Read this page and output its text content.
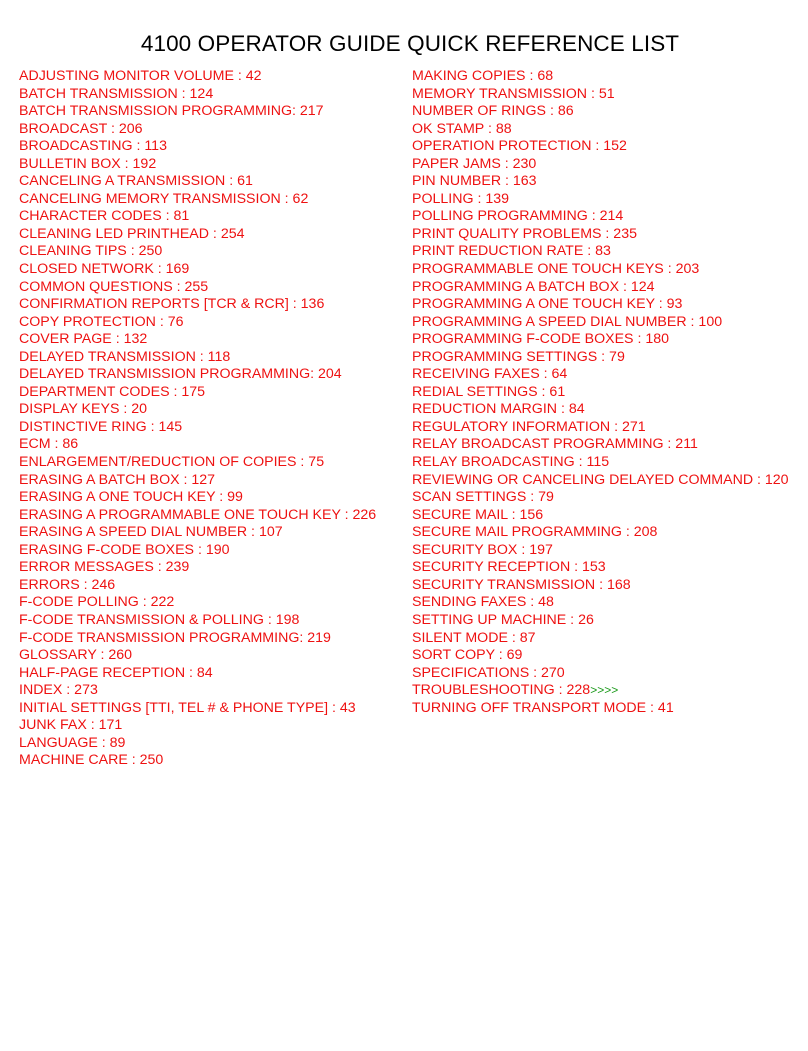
4100 OPERATOR GUIDE QUICK REFERENCE LIST
ADJUSTING MONITOR VOLUME : 42
BATCH TRANSMISSION : 124
BATCH TRANSMISSION PROGRAMMING: 217
BROADCAST : 206
BROADCASTING : 113
BULLETIN BOX : 192
CANCELING A TRANSMISSION : 61
CANCELING MEMORY TRANSMISSION : 62
CHARACTER CODES : 81
CLEANING LED PRINTHEAD : 254
CLEANING TIPS : 250
CLOSED NETWORK : 169
COMMON QUESTIONS : 255
CONFIRMATION REPORTS [TCR & RCR] : 136
COPY PROTECTION : 76
COVER PAGE : 132
DELAYED TRANSMISSION : 118
DELAYED TRANSMISSION PROGRAMMING: 204
DEPARTMENT CODES : 175
DISPLAY KEYS : 20
DISTINCTIVE RING : 145
ECM : 86
ENLARGEMENT/REDUCTION OF COPIES : 75
ERASING A BATCH BOX : 127
ERASING A ONE TOUCH KEY : 99
ERASING A PROGRAMMABLE ONE TOUCH KEY : 226
ERASING A SPEED DIAL NUMBER : 107
ERASING F-CODE BOXES : 190
ERROR MESSAGES : 239
ERRORS : 246
F-CODE POLLING : 222
F-CODE TRANSMISSION & POLLING : 198
F-CODE TRANSMISSION PROGRAMMING: 219
GLOSSARY : 260
HALF-PAGE RECEPTION : 84
INDEX : 273
INITIAL SETTINGS [TTI, TEL # & PHONE TYPE] : 43
JUNK FAX : 171
LANGUAGE : 89
MACHINE CARE : 250
MAKING COPIES : 68
MEMORY TRANSMISSION : 51
NUMBER OF RINGS : 86
OK STAMP : 88
OPERATION PROTECTION : 152
PAPER JAMS : 230
PIN NUMBER : 163
POLLING : 139
POLLING PROGRAMMING : 214
PRINT QUALITY PROBLEMS : 235
PRINT REDUCTION RATE : 83
PROGRAMMABLE ONE TOUCH KEYS : 203
PROGRAMMING A BATCH BOX : 124
PROGRAMMING A ONE TOUCH KEY : 93
PROGRAMMING A SPEED DIAL NUMBER : 100
PROGRAMMING F-CODE BOXES : 180
PROGRAMMING SETTINGS : 79
RECEIVING FAXES : 64
REDIAL SETTINGS : 61
REDUCTION MARGIN : 84
REGULATORY INFORMATION : 271
RELAY BROADCAST PROGRAMMING : 211
RELAY BROADCASTING : 115
REVIEWING OR CANCELING DELAYED COMMAND : 120
SCAN SETTINGS : 79
SECURE MAIL : 156
SECURE MAIL PROGRAMMING : 208
SECURITY BOX : 197
SECURITY RECEPTION : 153
SECURITY TRANSMISSION : 168
SENDING FAXES : 48
SETTING UP MACHINE : 26
SILENT MODE : 87
SORT COPY : 69
SPECIFICATIONS : 270
TROUBLESHOOTING : 228>>>>
TURNING OFF TRANSPORT MODE : 41
